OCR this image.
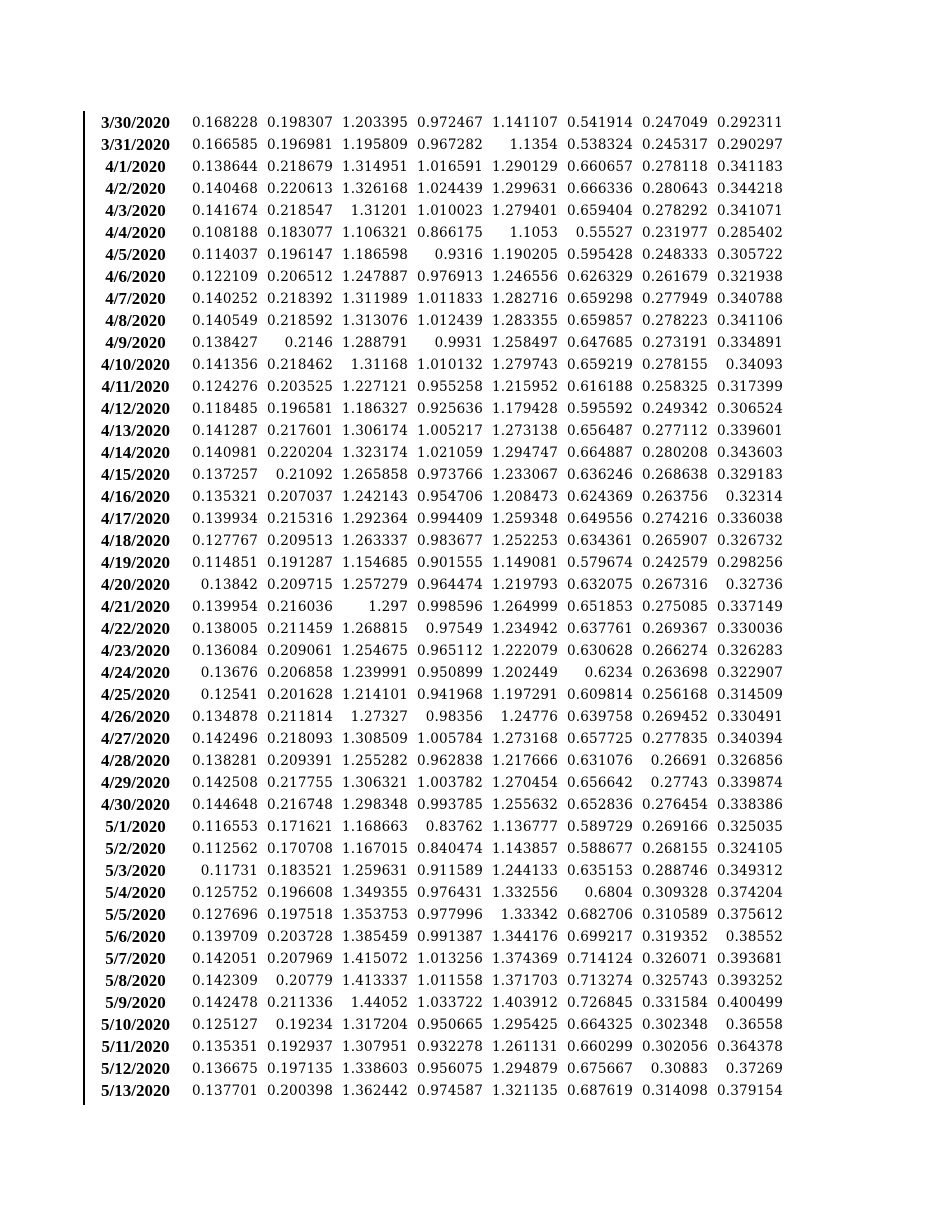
3/30/2020	0.168228	0.198307	1.203395	0.972467	1.141107	0.541914	0.247049	0.292311
3/31/2020	0.166585	0.196981	1.195809	0.967282	1.1354	0.538324	0.245317	0.290297
4/1/2020	0.138644	0.218679	1.314951	1.016591	1.290129	0.660657	0.278118	0.341183
4/2/2020	0.140468	0.220613	1.326168	1.024439	1.299631	0.666336	0.280643	0.344218
4/3/2020	0.141674	0.218547	1.31201	1.010023	1.279401	0.659404	0.278292	0.341071
4/4/2020	0.108188	0.183077	1.106321	0.866175	1.1053	0.55527	0.231977	0.285402
4/5/2020	0.114037	0.196147	1.186598	0.9316	1.190205	0.595428	0.248333	0.305722
4/6/2020	0.122109	0.206512	1.247887	0.976913	1.246556	0.626329	0.261679	0.321938
4/7/2020	0.140252	0.218392	1.311989	1.011833	1.282716	0.659298	0.277949	0.340788
4/8/2020	0.140549	0.218592	1.313076	1.012439	1.283355	0.659857	0.278223	0.341106
4/9/2020	0.138427	0.2146	1.288791	0.9931	1.258497	0.647685	0.273191	0.334891
4/10/2020	0.141356	0.218462	1.31168	1.010132	1.279743	0.659219	0.278155	0.34093
4/11/2020	0.124276	0.203525	1.227121	0.955258	1.215952	0.616188	0.258325	0.317399
4/12/2020	0.118485	0.196581	1.186327	0.925636	1.179428	0.595592	0.249342	0.306524
4/13/2020	0.141287	0.217601	1.306174	1.005217	1.273138	0.656487	0.277112	0.339601
4/14/2020	0.140981	0.220204	1.323174	1.021059	1.294747	0.664887	0.280208	0.343603
4/15/2020	0.137257	0.21092	1.265858	0.973766	1.233067	0.636246	0.268638	0.329183
4/16/2020	0.135321	0.207037	1.242143	0.954706	1.208473	0.624369	0.263756	0.32314
4/17/2020	0.139934	0.215316	1.292364	0.994409	1.259348	0.649556	0.274216	0.336038
4/18/2020	0.127767	0.209513	1.263337	0.983677	1.252253	0.634361	0.265907	0.326732
4/19/2020	0.114851	0.191287	1.154685	0.901555	1.149081	0.579674	0.242579	0.298256
4/20/2020	0.13842	0.209715	1.257279	0.964474	1.219793	0.632075	0.267316	0.32736
4/21/2020	0.139954	0.216036	1.297	0.998596	1.264999	0.651853	0.275085	0.337149
4/22/2020	0.138005	0.211459	1.268815	0.97549	1.234942	0.637761	0.269367	0.330036
4/23/2020	0.136084	0.209061	1.254675	0.965112	1.222079	0.630628	0.266274	0.326283
4/24/2020	0.13676	0.206858	1.239991	0.950899	1.202449	0.6234	0.263698	0.322907
4/25/2020	0.12541	0.201628	1.214101	0.941968	1.197291	0.609814	0.256168	0.314509
4/26/2020	0.134878	0.211814	1.27327	0.98356	1.24776	0.639758	0.269452	0.330491
4/27/2020	0.142496	0.218093	1.308509	1.005784	1.273168	0.657725	0.277835	0.340394
4/28/2020	0.138281	0.209391	1.255282	0.962838	1.217666	0.631076	0.26691	0.326856
4/29/2020	0.142508	0.217755	1.306321	1.003782	1.270454	0.656642	0.27743	0.339874
4/30/2020	0.144648	0.216748	1.298348	0.993785	1.255632	0.652836	0.276454	0.338386
5/1/2020	0.116553	0.171621	1.168663	0.83762	1.136777	0.589729	0.269166	0.325035
5/2/2020	0.112562	0.170708	1.167015	0.840474	1.143857	0.588677	0.268155	0.324105
5/3/2020	0.11731	0.183521	1.259631	0.911589	1.244133	0.635153	0.288746	0.349312
5/4/2020	0.125752	0.196608	1.349355	0.976431	1.332556	0.6804	0.309328	0.374204
5/5/2020	0.127696	0.197518	1.353753	0.977996	1.33342	0.682706	0.310589	0.375612
5/6/2020	0.139709	0.203728	1.385459	0.991387	1.344176	0.699217	0.319352	0.38552
5/7/2020	0.142051	0.207969	1.415072	1.013256	1.374369	0.714124	0.326071	0.393681
5/8/2020	0.142309	0.20779	1.413337	1.011558	1.371703	0.713274	0.325743	0.393252
5/9/2020	0.142478	0.211336	1.44052	1.033722	1.403912	0.726845	0.331584	0.400499
5/10/2020	0.125127	0.19234	1.317204	0.950665	1.295425	0.664325	0.302348	0.36558
5/11/2020	0.135351	0.192937	1.307951	0.932278	1.261131	0.660299	0.302056	0.364378
5/12/2020	0.136675	0.197135	1.338603	0.956075	1.294879	0.675667	0.30883	0.37269
5/13/2020	0.137701	0.200398	1.362442	0.974587	1.321135	0.687619	0.314098	0.379154
